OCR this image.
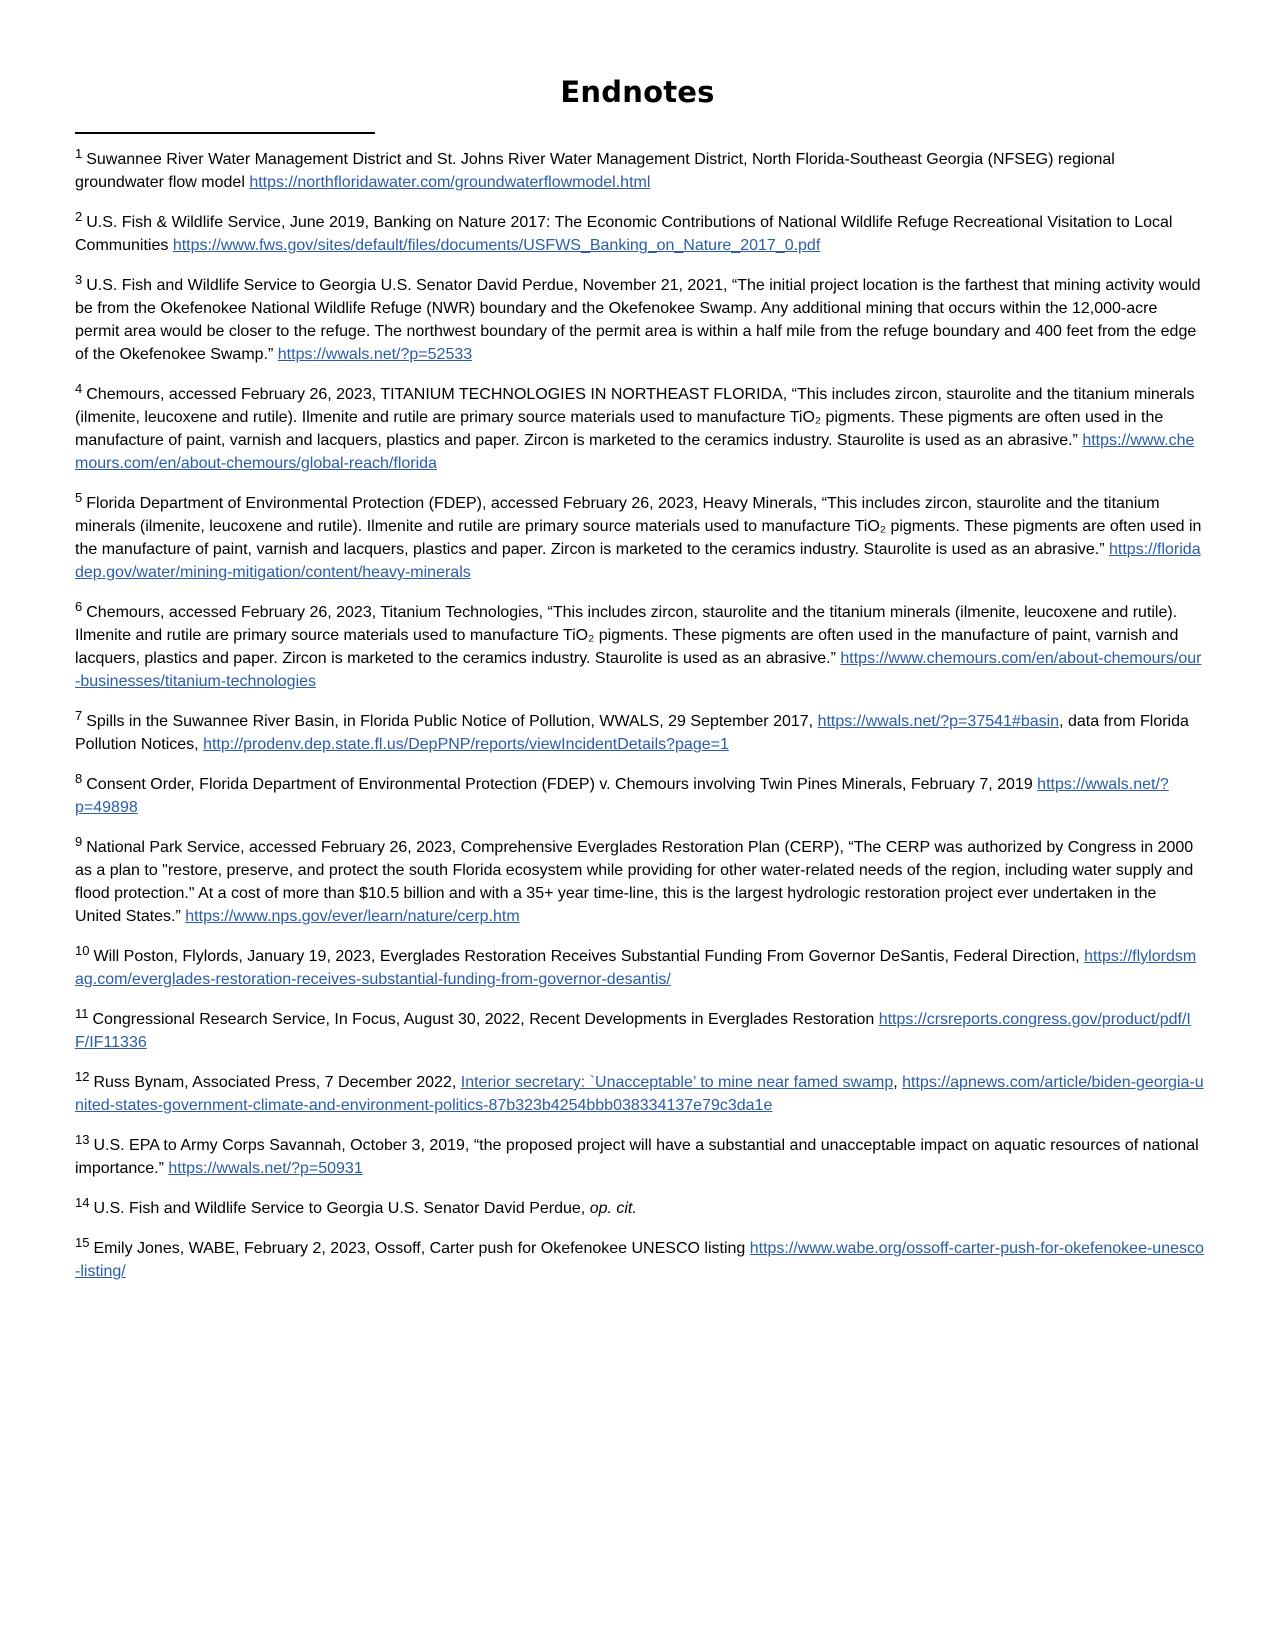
Endnotes

$^1$ Suwannee River Water Management District and St. Johns River Water Management District, North Florida-Southeast Georgia (NFSEG) regional groundwater flow model https://northfloridawater.com/groundwaterflowmodel.html

$^2$ U.S. Fish & Wildlife Service, June 2019, Banking on Nature 2017: The Economic Contributions of National Wildlife Refuge Recreational Visitation to Local Communities https://www.fws.gov/sites/default/files/documents/USFWS_Banking_on_Nature_2017_0.pdf

$^3$ U.S. Fish and Wildlife Service to Georgia U.S. Senator David Perdue, November 21, 2021, “The initial project location is the farthest that mining activity would be from the Okefenokee National Wildlife Refuge (NWR) boundary and the Okefenokee Swamp. Any additional mining that occurs within the 12,000-acre permit area would be closer to the refuge. The northwest boundary of the permit area is within a half mile from the refuge boundary and 400 feet from the edge of the Okefenokee Swamp.” https://wwals.net/?p=52533

$^4$ Chemours, accessed February 26, 2023, TITANIUM TECHNOLOGIES IN NORTHEAST FLORIDA, “This includes zircon, staurolite and the titanium minerals (ilmenite, leucoxene and rutile). Ilmenite and rutile are primary source materials used to manufacture TiO₂ pigments. These pigments are often used in the manufacture of paint, varnish and lacquers, plastics and paper. Zircon is marketed to the ceramics industry. Staurolite is used as an abrasive.” https://www.chemours.com/en/about-chemours/global-reach/florida

$^5$ Florida Department of Environmental Protection (FDEP), accessed February 26, 2023, Heavy Minerals, “This includes zircon, staurolite and the titanium minerals (ilmenite, leucoxene and rutile). Ilmenite and rutile are primary source materials used to manufacture TiO₂ pigments. These pigments are often used in the manufacture of paint, varnish and lacquers, plastics and paper. Zircon is marketed to the ceramics industry. Staurolite is used as an abrasive.” https://floridadep.gov/water/mining-mitigation/content/heavy-minerals

$^6$ Chemours, accessed February 26, 2023, Titanium Technologies, “This includes zircon, staurolite and the titanium minerals (ilmenite, leucoxene and rutile). Ilmenite and rutile are primary source materials used to manufacture TiO₂ pigments. These pigments are often used in the manufacture of paint, varnish and lacquers, plastics and paper. Zircon is marketed to the ceramics industry. Staurolite is used as an abrasive.” https://www.chemours.com/en/about-chemours/our-businesses/titanium-technologies

$^7$ Spills in the Suwannee River Basin, in Florida Public Notice of Pollution, WWALS, 29 September 2017, https://wwals.net/?p=37541#basin, data from Florida Pollution Notices, http://prodenv.dep.state.fl.us/DepPNP/reports/viewIncidentDetails?page=1

$^8$ Consent Order, Florida Department of Environmental Protection (FDEP) v. Chemours involving Twin Pines Minerals, February 7, 2019 https://wwals.net/?p=49898

$^9$ National Park Service, accessed February 26, 2023, Comprehensive Everglades Restoration Plan (CERP), “The CERP was authorized by Congress in 2000 as a plan to "restore, preserve, and protect the south Florida ecosystem while providing for other water-related needs of the region, including water supply and flood protection." At a cost of more than $10.5 billion and with a 35+ year time-line, this is the largest hydrologic restoration project ever undertaken in the United States.” https://www.nps.gov/ever/learn/nature/cerp.htm

$^{10}$ Will Poston, Flylords, January 19, 2023, Everglades Restoration Receives Substantial Funding From Governor DeSantis, Federal Direction, https://flylordsmag.com/everglades-restoration-receives-substantial-funding-from-governor-desantis/

$^{11}$ Congressional Research Service, In Focus, August 30, 2022, Recent Developments in Everglades Restoration https://crsreports.congress.gov/product/pdf/IF/IF11336

$^{12}$ Russ Bynam, Associated Press, 7 December 2022, Interior secretary: `Unacceptable’ to mine near famed swamp, https://apnews.com/article/biden-georgia-united-states-government-climate-and-environment-politics-87b323b4254bbb038334137e79c3da1e

$^{13}$ U.S. EPA to Army Corps Savannah, October 3, 2019, “the proposed project will have a substantial and unacceptable impact on aquatic resources of national importance.” https://wwals.net/?p=50931

$^{14}$ U.S. Fish and Wildlife Service to Georgia U.S. Senator David Perdue, op. cit.

$^{15}$ Emily Jones, WABE, February 2, 2023, Ossoff, Carter push for Okefenokee UNESCO listing https://www.wabe.org/ossoff-carter-push-for-okefenokee-unesco-listing/
